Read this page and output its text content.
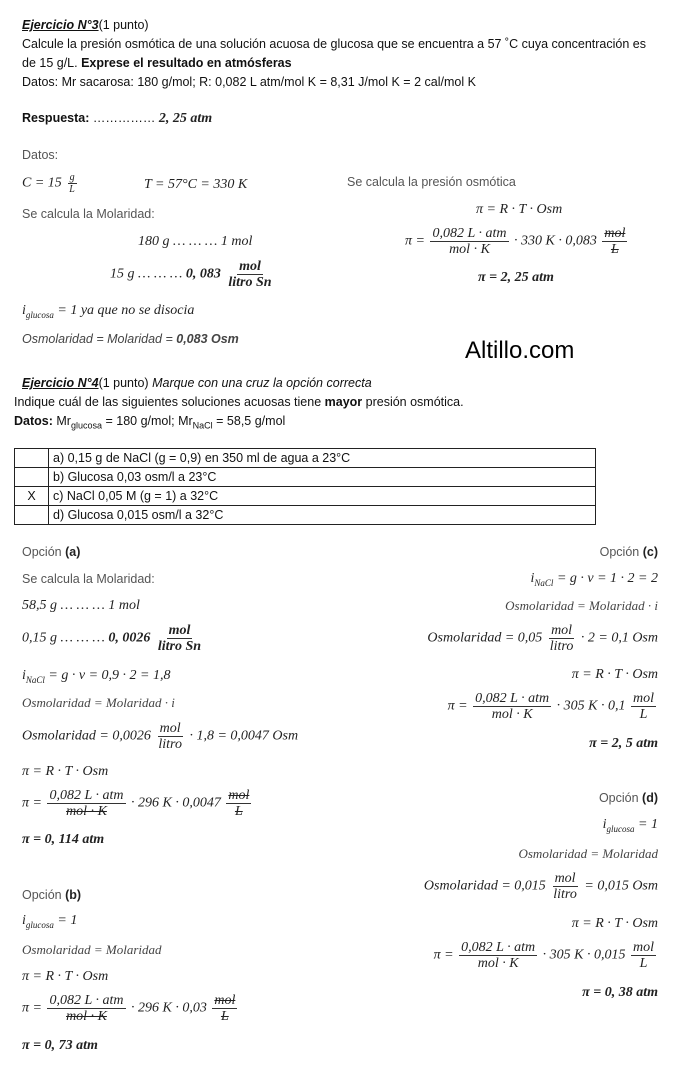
Ejercicio N°3(1 punto)
Calcule la presión osmótica de una solución acuosa de glucosa que se encuentra a 57 ˚C cuya concentración es
de 15 g/L. Exprese el resultado en atmósferas
Datos: Mr sacarosa: 180 g/mol; R: 0,082 L atm/mol K = 8,31 J/mol K = 2 cal/mol K
Respuesta: …………… 2, 25 atm
Datos:
$C = 15 \frac{g}{L}$	T = 57°C = 330 K	Se calcula la presión osmótica
π = R · T · Osm
$\pi = \frac{\text{0,082 L · atm}}{\text{mol · K}} \cdot 330$ $K \cdot 0,083 \frac{\text{mol}}{L}$
π = 2, 25 atm
Se calcula la Molaridad:
180 g … … … 1 mol
15 g … … … 0, $083 \frac{\text{mol}}{\text{litro Sn}}$
$i_{glucosa} = 1$ ya que no se disocia
Osmolaridad = Molaridad = 0,083 Osm	Altillo.com
Ejercicio N°4(1 punto) Marque con una cruz la opción correcta
Indique cuál de las siguientes soluciones acuosas tiene mayor presión osmótica.
Datos: $Mr_{glucosa} = 180$ g/mol; $Mr_{NaCl} = 58,5$ g/mol
	a) 0,15 g de NaCl (g = 0,9) en 350 ml de agua a 23°C
	b) Glucosa 0,03 osm/l a 23°C
X	c) NaCl 0,05 M (g = 1) a 32°C
	d) Glucosa 0,015 osm/l a 32°C
Opción (a)
Se calcula la Molaridad:
58,5 g … … … 1 mol
0,15 g … … … 0, $0026 \frac{\text{mol}}{\text{litro Sn}}$
$i_{NaCl} = g \cdot v = 0,9 \cdot 2 = 1,8$
Osmolaridad = Molaridad · i
Osmolaridad = $0,0026 \frac{\text{mol}}{\text{litro}} \cdot 1,8 = 0,0047$ Osm
π = R · T · Osm
$\pi = \frac{\text{0,082 L · atm}}{\text{mol · K}} \cdot 296$ $K \cdot 0,0047 \frac{\text{mol}}{L}$
π = 0, 114 atm
Opción (b)
$i_{glucosa} = 1$
Osmolaridad = Molaridad
π = R · T · Osm
$\pi = \frac{\text{0,082 L · atm}}{\text{mol · K}} \cdot 296$ $K \cdot 0,03 \frac{\text{mol}}{L}$
π = 0, 73 atm
Opción (c)
$i_{NaCl} = g \cdot v = 1 \cdot 2 = 2$
Osmolaridad = Molaridad · i
Osmolaridad = $0,05 \frac{\text{mol}}{\text{litro}} \cdot 2 = 0,1$ Osm
π = R · T · Osm
$\pi = \frac{\text{0,082 L · atm}}{\text{mol · K}} \cdot 305$ $K \cdot 0,1 \frac{\text{mol}}{L}$
π = 2, 5 atm
Opción (d)
$i_{glucosa} = 1$
Osmolaridad = Molaridad
Osmolaridad = $0,015 \frac{\text{mol}}{\text{litro}} = 0,015$ Osm
π = R · T · Osm
$\pi = \frac{\text{0,082 L · atm}}{\text{mol · K}} \cdot 305$ $K \cdot 0,015 \frac{\text{mol}}{L}$
π = 0, 38 atm
